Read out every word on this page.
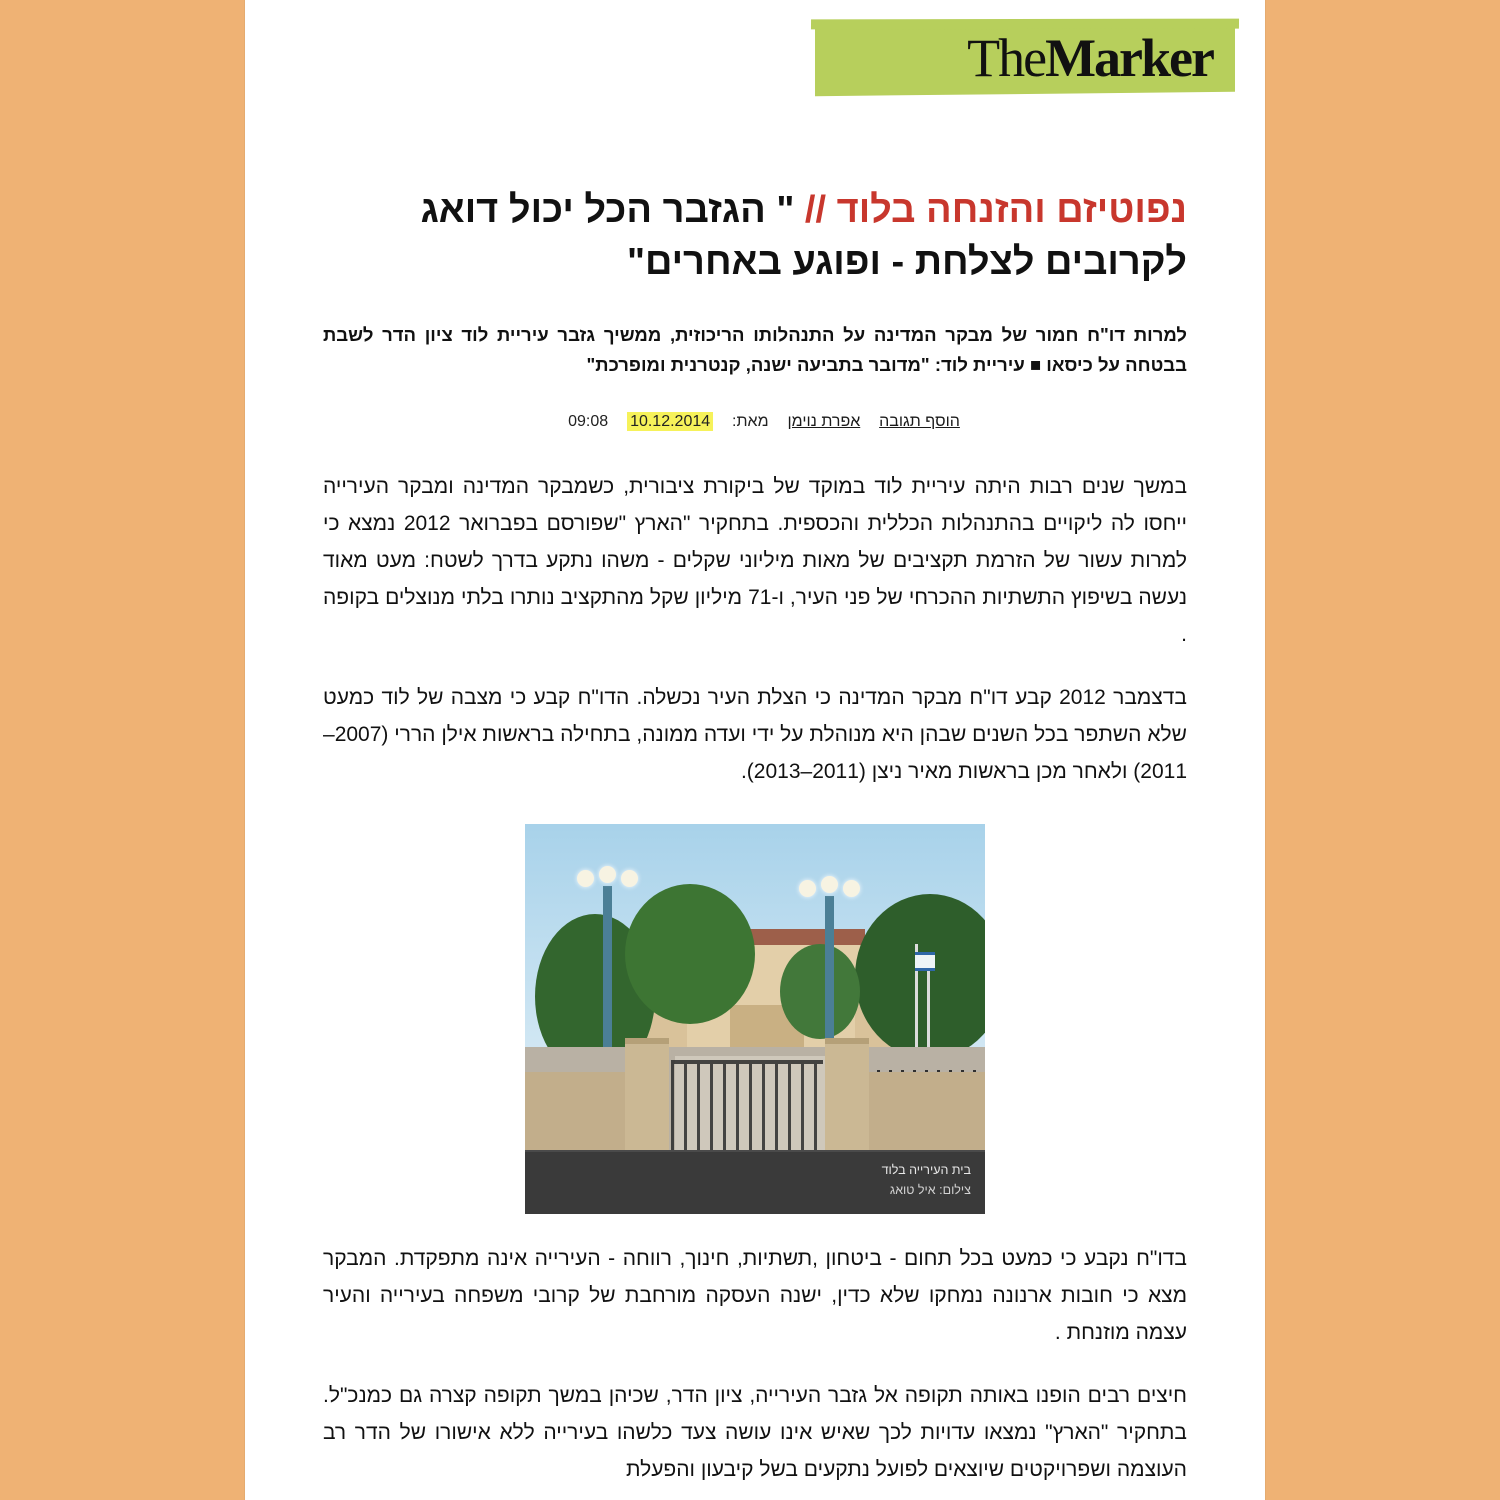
TheMarker
נפוטיזם והזנחה בלוד // " הגזבר הכל יכול דואג לקרובים לצלחת - ופוגע באחרים"

למרות דו"ח חמור של מבקר המדינה על התנהלותו הריכוזית, ממשיך גזבר עיריית לוד ציון הדר לשבת בבטחה על כיסאו ■ עיריית לוד: "מדובר בתביעה ישנה, קנטרנית ומופרכת"

הוסף תגובה  אפרת נוימן  מאת:  10.12.2014  09:08

במשך שנים רבות היתה עיריית לוד במוקד של ביקורת ציבורית, כשמבקר המדינה ומבקר העירייה ייחסו לה ליקויים בהתנהלות הכללית והכספית. בתחקיר "הארץ "שפורסם בפברואר 2012 נמצא כי למרות עשור של הזרמת תקציבים של מאות מיליוני שקלים - משהו נתקע בדרך לשטח: מעט מאוד נעשה בשיפוץ התשתיות ההכרחי של פני העיר, ו-71 מיליון שקל מהתקציב נותרו בלתי מנוצלים בקופה .

בדצמבר 2012 קבע דו"ח מבקר המדינה כי הצלת העיר נכשלה. הדו"ח קבע כי מצבה של לוד כמעט שלא השתפר בכל השנים שבהן היא מנוהלת על ידי ועדה ממונה, בתחילה בראשות אילן הררי (2007–2011) ולאחר מכן בראשות מאיר ניצן (2011–2013).

בית העירייה בלוד
צילום: איל טואג

בדו"ח נקבע כי כמעט בכל תחום - ביטחון ,תשתיות, חינוך, רווחה - העירייה אינה מתפקדת. המבקר מצא כי חובות ארנונה נמחקו שלא כדין, ישנה העסקה מורחבת של קרובי משפחה בעירייה והעיר עצמה מוזנחת .

חיצים רבים הופנו באותה תקופה אל גזבר העירייה, ציון הדר, שכיהן במשך תקופה קצרה גם כמנכ"ל. בתחקיר "הארץ" נמצאו עדויות לכך שאיש אינו עושה צעד כלשהו בעירייה ללא אישורו של הדר רב העוצמה ושפרויקטים שיוצאים לפועל נתקעים בשל קיבעון והפעלת
